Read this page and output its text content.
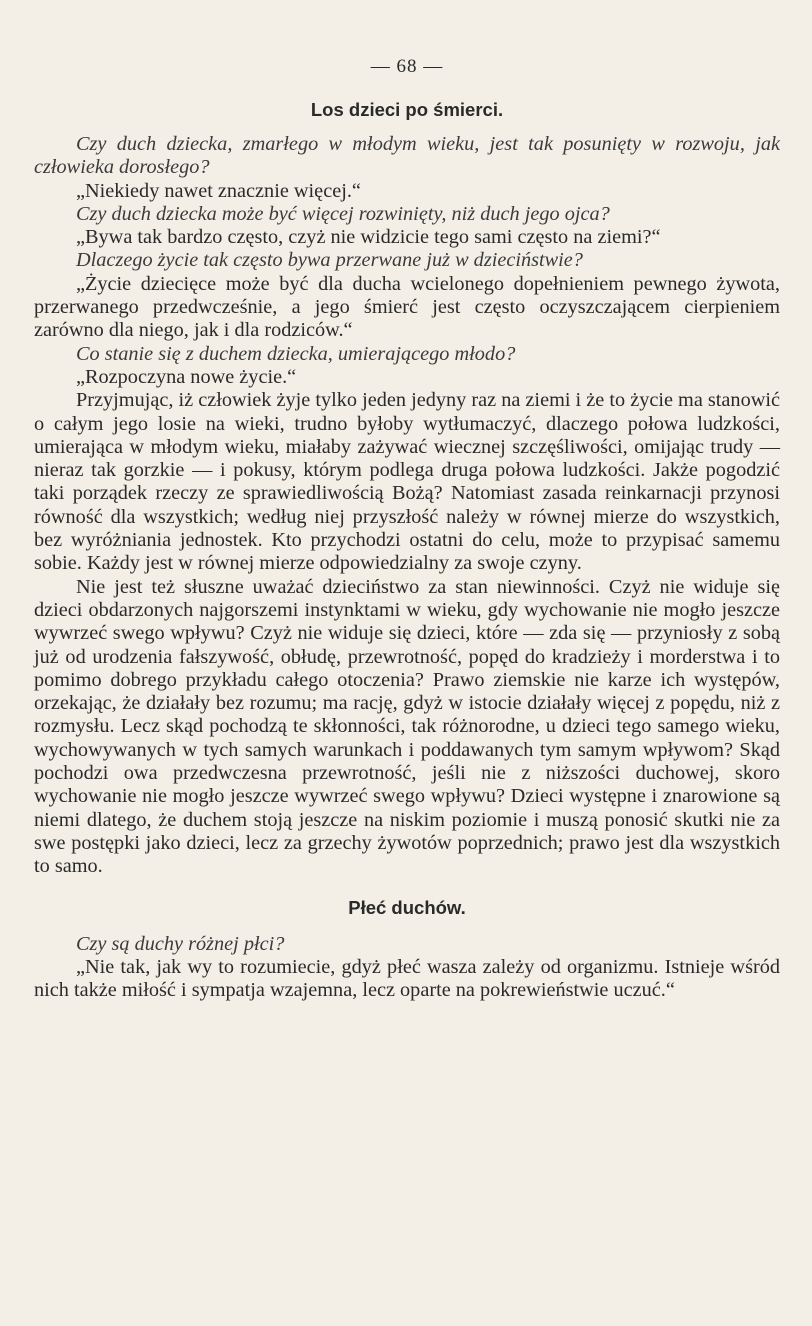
— 68 —
Los dzieci po śmierci.

Czy duch dziecka, zmarłego w młodym wieku, jest tak posunięty w rozwoju, jak człowieka dorosłego?

„Niekiedy nawet znacznie więcej.“

Czy duch dziecka może być więcej rozwinięty, niż duch jego ojca?

„Bywa tak bardzo często, czyż nie widzicie tego sami często na ziemi?“

Dlaczego życie tak często bywa przerwane już w dzieciństwie?

„Życie dziecięce może być dla ducha wcielonego dopełnieniem pewnego żywota, przerwanego przedwcześnie, a jego śmierć jest często oczyszczającem cierpieniem zarówno dla niego, jak i dla rodziców.“

Co stanie się z duchem dziecka, umierającego młodo?

„Rozpoczyna nowe życie.“

Przyjmując, iż człowiek żyje tylko jeden jedyny raz na ziemi i że to życie ma stanowić o całym jego losie na wieki, trudno byłoby wytłumaczyć, dlaczego połowa ludzkości, umierająca w młodym wieku, miałaby zażywać wiecznej szczęśliwości, omijając trudy — nieraz tak gorzkie — i pokusy, którym podlega druga połowa ludzkości. Jakże pogodzić taki porządek rzeczy ze sprawiedliwością Bożą? Natomiast zasada reinkarnacji przynosi równość dla wszystkich; według niej przyszłość należy w równej mierze do wszystkich, bez wyróżniania jednostek. Kto przychodzi ostatni do celu, może to przypisać samemu sobie. Każdy jest w równej mierze odpowiedzialny za swoje czyny.

Nie jest też słuszne uważać dzieciństwo za stan niewinności. Czyż nie widuje się dzieci obdarzonych najgorszemi instynktami w wieku, gdy wychowanie nie mogło jeszcze wywrzeć swego wpływu? Czyż nie widuje się dzieci, które — zda się — przyniosły z sobą już od urodzenia fałszywość, obłudę, przewrotność, popęd do kradzieży i morderstwa i to pomimo dobrego przykładu całego otoczenia? Prawo ziemskie nie karze ich występów, orzekając, że działały bez rozumu; ma rację, gdyż w istocie działały więcej z popędu, niż z rozmysłu. Lecz skąd pochodzą te skłonności, tak różnorodne, u dzieci tego samego wieku, wychowywanych w tych samych warunkach i poddawanych tym samym wpływom? Skąd pochodzi owa przedwczesna przewrotność, jeśli nie z niższości duchowej, skoro wychowanie nie mogło jeszcze wywrzeć swego wpływu? Dzieci występne i znarowione są niemi dlatego, że duchem stoją jeszcze na niskim poziomie i muszą ponosić skutki nie za swe postępki jako dzieci, lecz za grzechy żywotów poprzednich; prawo jest dla wszystkich to samo.

Płeć duchów.

Czy są duchy różnej płci?

„Nie tak, jak wy to rozumiecie, gdyż płeć wasza zależy od organizmu. Istnieje wśród nich także miłość i sympatja wzajemna, lecz oparte na pokrewieństwie uczuć.“
